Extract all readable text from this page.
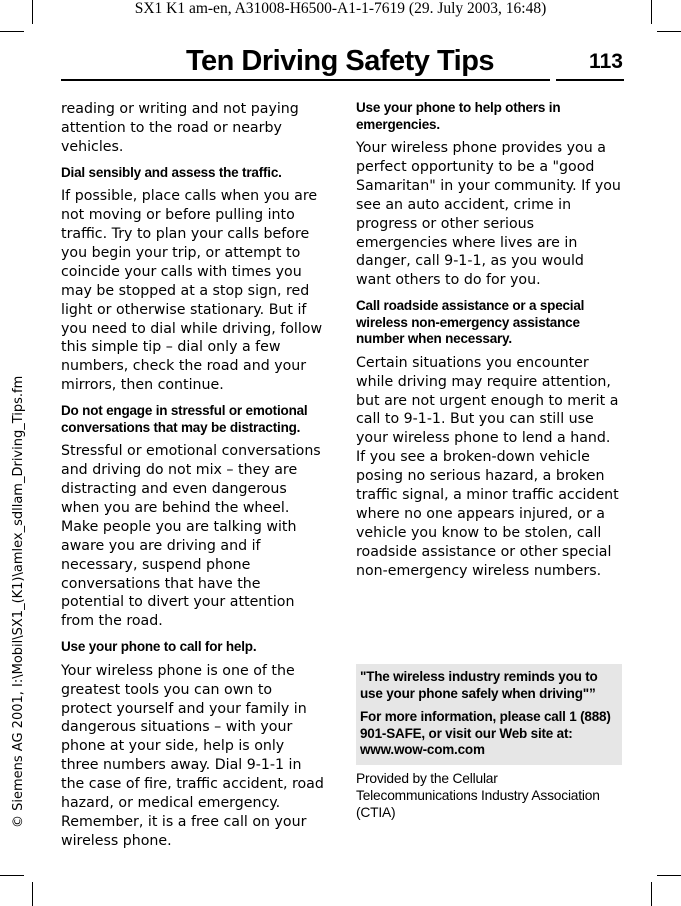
SX1 K1 am-en, A31008-H6500-A1-1-7619 (29. July 2003, 16:48)
© Siemens AG 2001, I:\Mobil\SX1_(K1)\amlex_sdllam_Driving_Tips.fm
Ten Driving Safety Tips	113

reading or writing and not paying attention to the road or nearby vehicles.

Dial sensibly and assess the traffic.

If possible, place calls when you are not moving or before pulling into traffic. Try to plan your calls before you begin your trip, or attempt to coincide your calls with times you may be stopped at a stop sign, red light or otherwise stationary. But if you need to dial while driving, follow this simple tip – dial only a few numbers, check the road and your mirrors, then continue.

Do not engage in stressful or emotional conversations that may be distracting.

Stressful or emotional conversations and driving do not mix – they are distracting and even dangerous when you are behind the wheel. Make people you are talking with aware you are driving and if necessary, suspend phone conversations that have the potential to divert your attention from the road.

Use your phone to call for help.

Your wireless phone is one of the greatest tools you can own to protect yourself and your family in dangerous situations – with your phone at your side, help is only three numbers away. Dial 9-1-1 in the case of fire, traffic accident, road hazard, or medical emergency. Remember, it is a free call on your wireless phone.

Use your phone to help others in emergencies.

Your wireless phone provides you a perfect opportunity to be a "good Samaritan" in your community. If you see an auto accident, crime in progress or other serious emergencies where lives are in danger, call 9-1-1, as you would want others to do for you.

Call roadside assistance or a special wireless non-emergency assistance number when necessary.

Certain situations you encounter while driving may require attention, but are not urgent enough to merit a call to 9-1-1. But you can still use your wireless phone to lend a hand. If you see a broken-down vehicle posing no serious hazard, a broken traffic signal, a minor traffic accident where no one appears injured, or a vehicle you know to be stolen, call roadside assistance or other special non-emergency wireless numbers.

"The wireless industry reminds you to use your phone safely when driving"”

For more information, please call 1 (888) 901-SAFE, or visit our Web site at: www.wow-com.com

Provided by the Cellular Telecommunications Industry Association (CTIA)
